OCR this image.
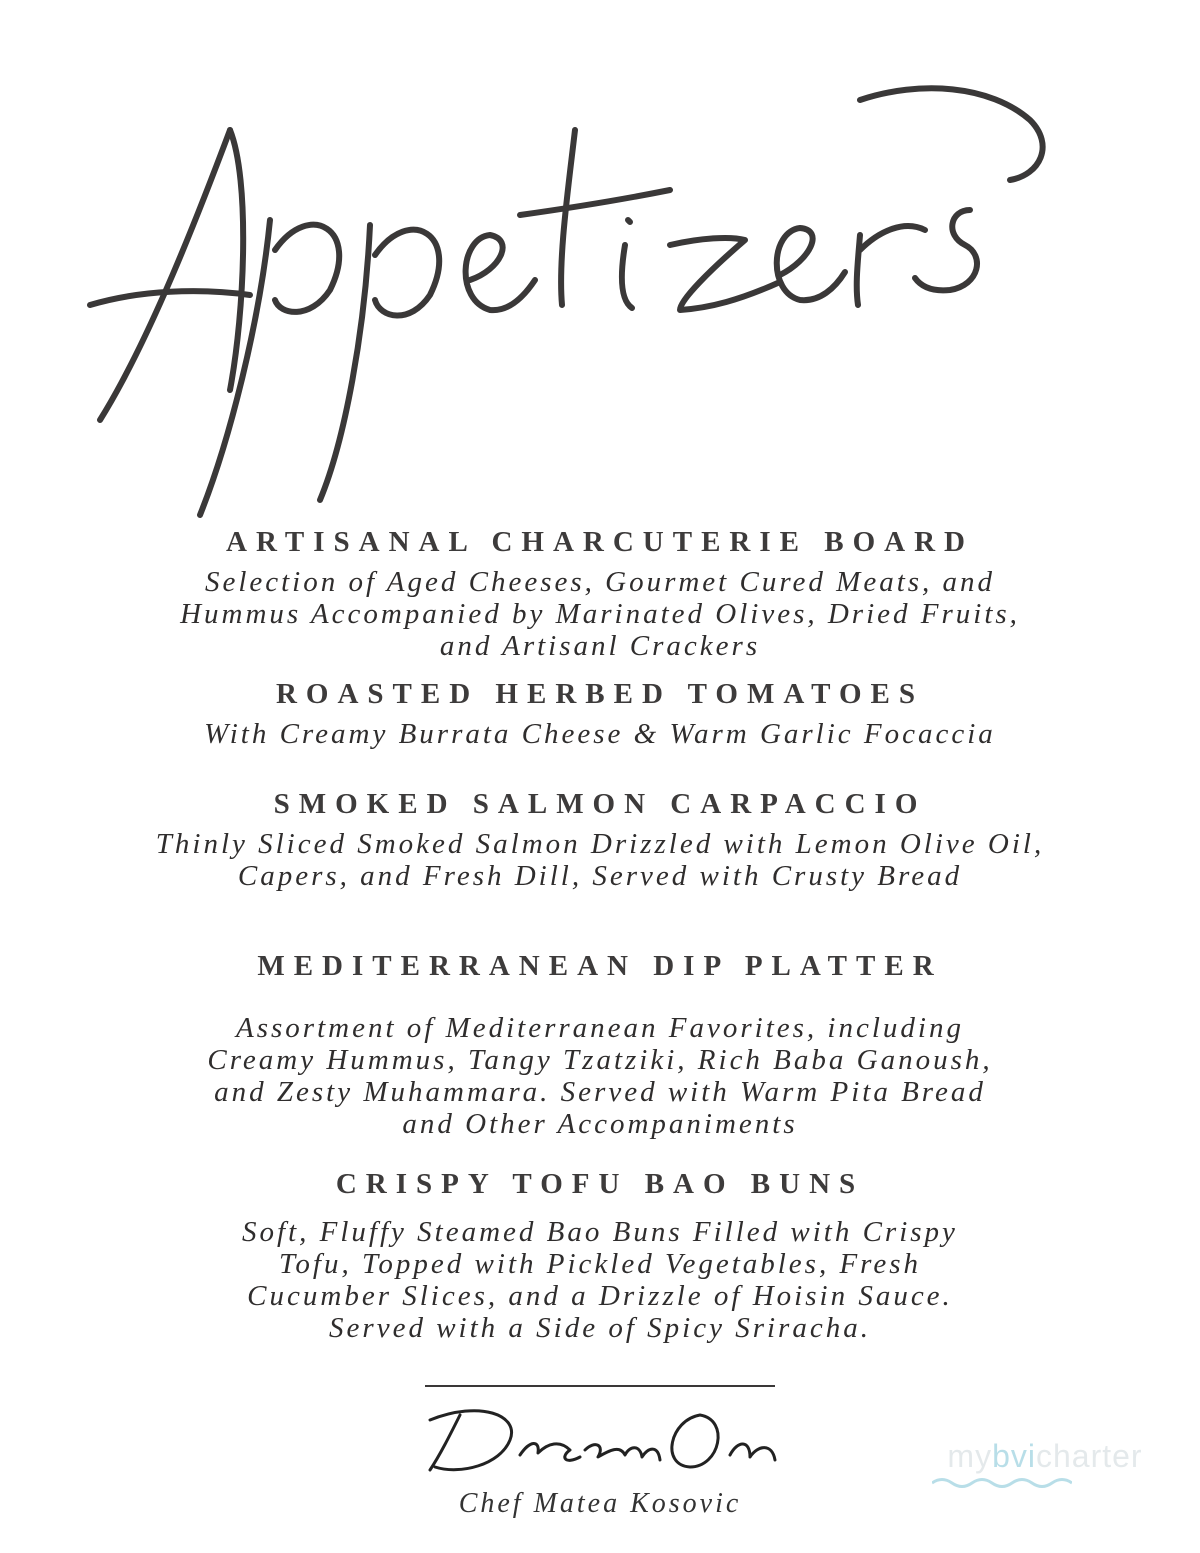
ARTISANAL CHARCUTERIE BOARD
Selection of Aged Cheeses, Gourmet Cured Meats, and
Hummus Accompanied by Marinated Olives, Dried Fruits,
and Artisanl Crackers
ROASTED HERBED TOMATOES
With Creamy Burrata Cheese & Warm Garlic Focaccia
SMOKED SALMON CARPACCIO
Thinly Sliced Smoked Salmon Drizzled with Lemon Olive Oil,
Capers, and Fresh Dill, Served with Crusty Bread
MEDITERRANEAN DIP PLATTER
Assortment of Mediterranean Favorites, including
Creamy Hummus, Tangy Tzatziki, Rich Baba Ganoush,
and Zesty Muhammara. Served with Warm Pita Bread
and Other Accompaniments
CRISPY TOFU BAO BUNS
Soft, Fluffy Steamed Bao Buns Filled with Crispy
Tofu, Topped with Pickled Vegetables, Fresh
Cucumber Slices, and a Drizzle of Hoisin Sauce.
Served with a Side of Spicy Sriracha.
Chef Matea Kosovic
mybvicharter
